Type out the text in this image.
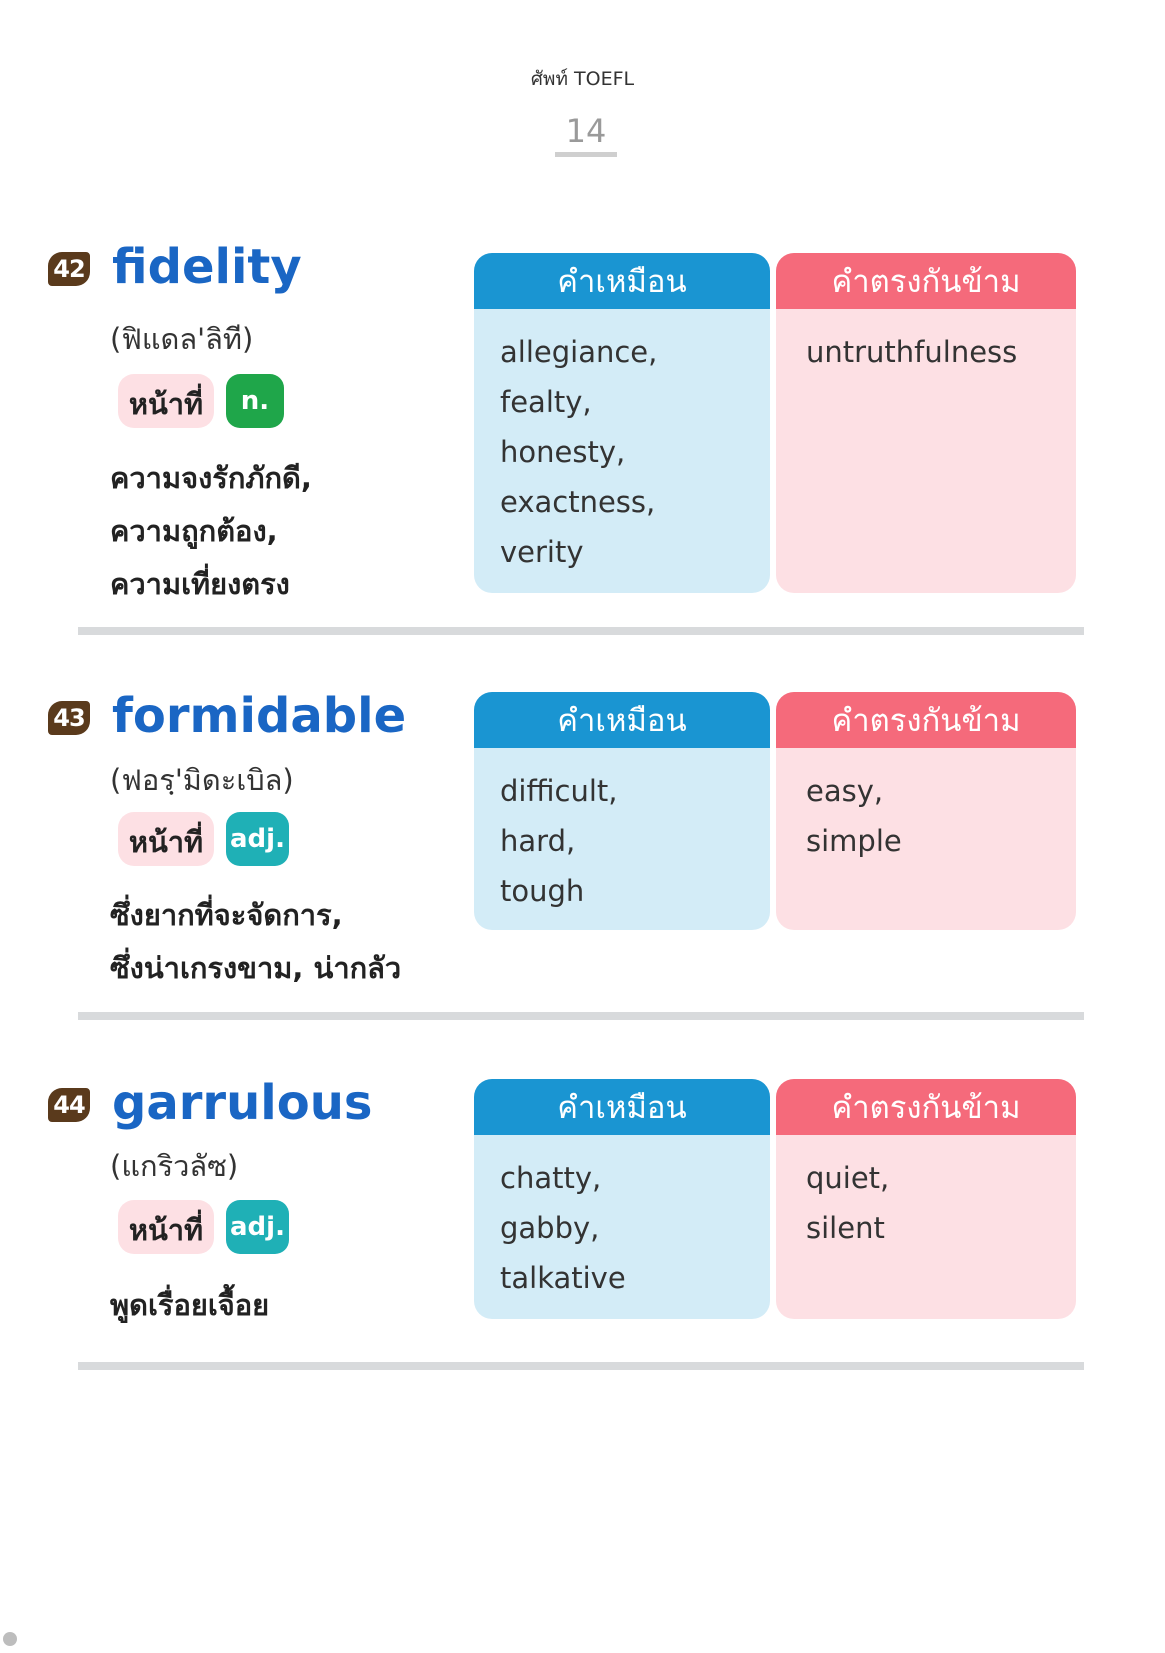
ศัพท์ TOEFL
14
42 fidelity
(ฟิแดล'ลิที)
หน้าที่	n.
ความจงรักภักดี,
ความถูกต้อง,
ความเที่ยงตรง
คำเหมือน
allegiance,
fealty,
honesty,
exactness,
verity
คำตรงกันข้าม
untruthfulness
43 formidable
(ฟอรฺ'มิดะเบิล)
หน้าที่	adj.
ซึ่งยากที่จะจัดการ,
ซึ่งน่าเกรงขาม, น่ากลัว
คำเหมือน
difficult,
hard,
tough
คำตรงกันข้าม
easy,
simple
44 garrulous
(แกริวลัซ)
หน้าที่	adj.
พูดเรื่อยเจื้อย
คำเหมือน
chatty,
gabby,
talkative
คำตรงกันข้าม
quiet,
silent
